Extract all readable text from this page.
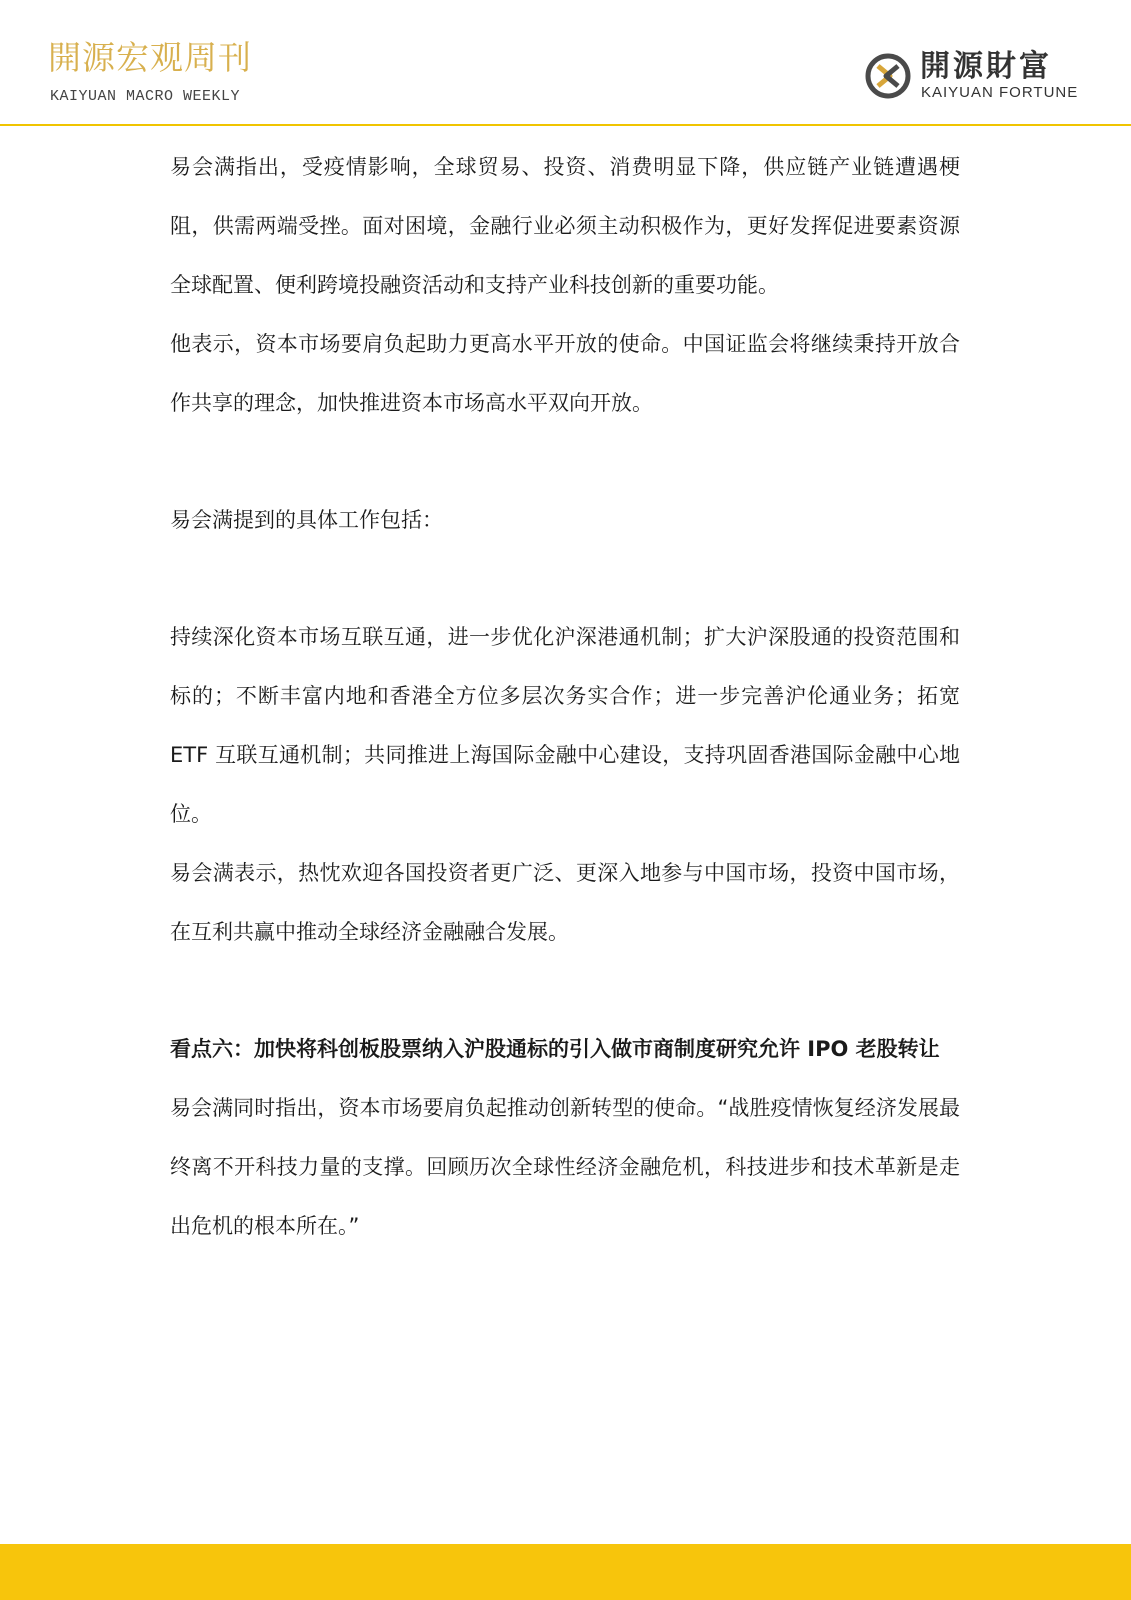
開源宏观周刊
KAIYUAN MACRO WEEKLY
開源財富
KAIYUAN FORTUNE

易会满指出，受疫情影响，全球贸易、投资、消费明显下降，供应链产业链遭遇梗阻，供需两端受挫。面对困境，金融行业必须主动积极作为，更好发挥促进要素资源全球配置、便利跨境投融资活动和支持产业科技创新的重要功能。

他表示，资本市场要肩负起助力更高水平开放的使命。中国证监会将继续秉持开放合作共享的理念，加快推进资本市场高水平双向开放。

易会满提到的具体工作包括：

持续深化资本市场互联互通，进一步优化沪深港通机制；扩大沪深股通的投资范围和标的；不断丰富内地和香港全方位多层次务实合作；进一步完善沪伦通业务；拓宽 ETF 互联互通机制；共同推进上海国际金融中心建设，支持巩固香港国际金融中心地位。

易会满表示，热忱欢迎各国投资者更广泛、更深入地参与中国市场，投资中国市场，在互利共赢中推动全球经济金融融合发展。

看点六：加快将科创板股票纳入沪股通标的引入做市商制度研究允许 IPO 老股转让

易会满同时指出，资本市场要肩负起推动创新转型的使命。“战胜疫情恢复经济发展最终离不开科技力量的支撑。回顾历次全球性经济金融危机，科技进步和技术革新是走出危机的根本所在。”
